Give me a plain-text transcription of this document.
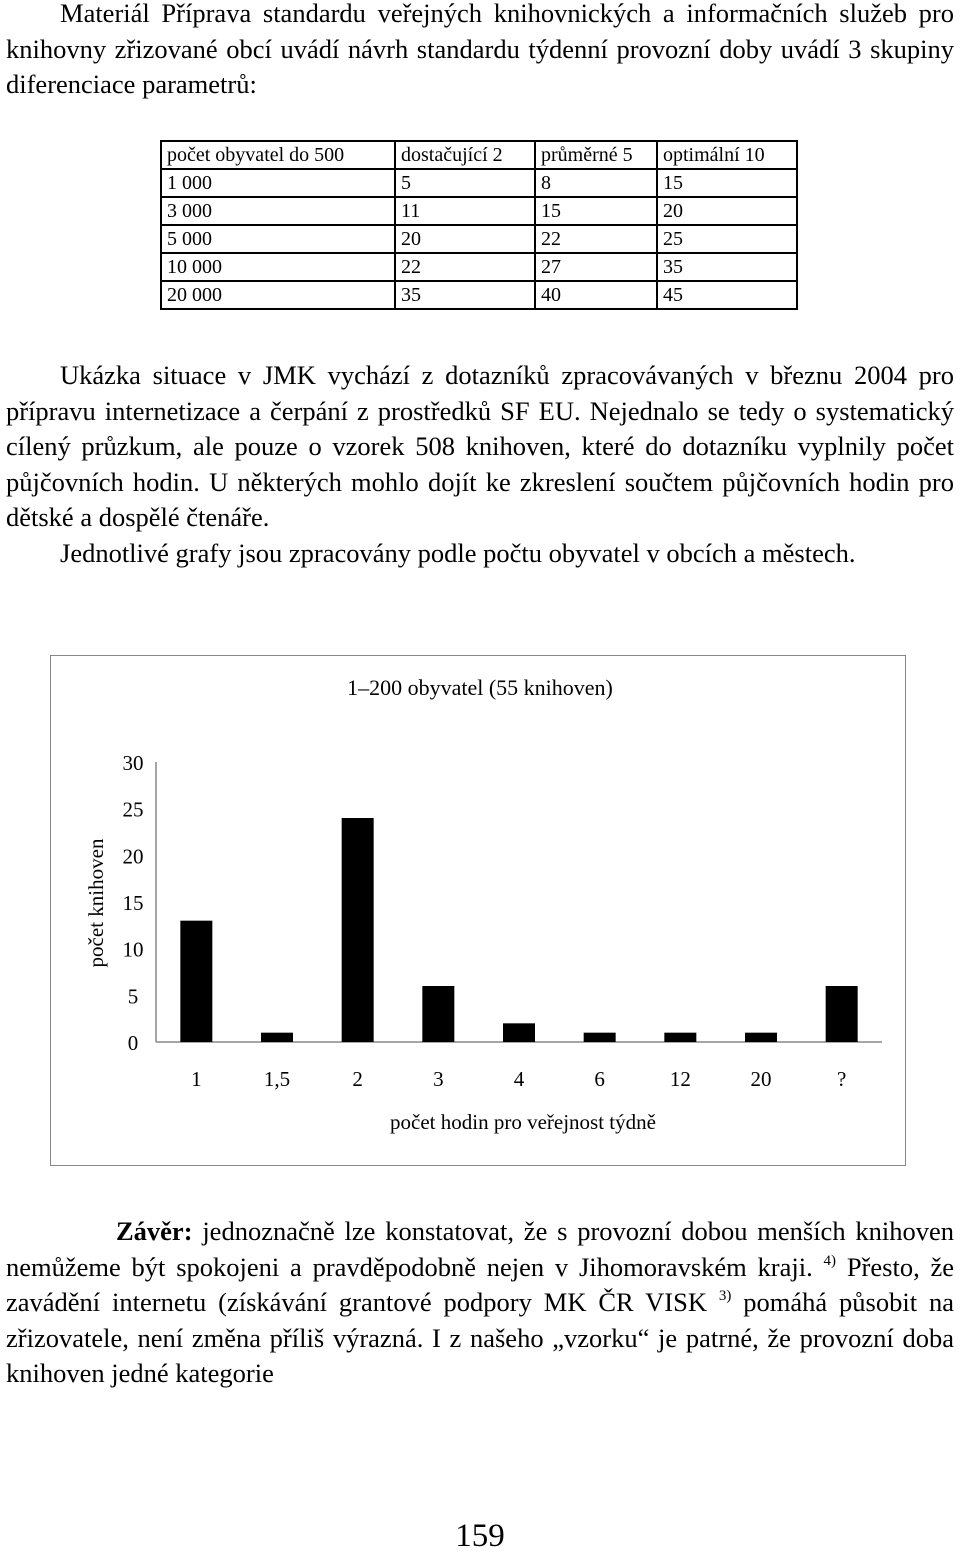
Materiál Příprava standardu veřejných knihovnických a informačních služeb pro knihovny zřizované obcí uvádí návrh standardu týdenní provozní doby uvádí 3 skupiny diferenciace parametrů:

počet obyvatel do 500	dostačující 2	průměrné 5	optimální 10
1 000	5	8	15
3 000	11	15	20
5 000	20	22	25
10 000	22	27	35
20 000	35	40	45

Ukázka situace v JMK vychází z dotazníků zpracovávaných v březnu 2004 pro přípravu internetizace a čerpání z prostředků SF EU. Nejednalo se tedy o systematický cílený průzkum, ale pouze o vzorek 508 knihoven, které do dotazníku vyplnily počet půjčovních hodin. U některých mohlo dojít ke zkreslení součtem půjčovních hodin pro dětské a dospělé čtenáře.

Jednotlivé grafy jsou zpracovány podle počtu obyvatel v obcích a městech.

1–200 obyvatel (55 knihoven)
0
5
10
15
20
25
30
1	1,5	2	3	4	6	12	20	?
počet hodin pro veřejnost týdně
počet knihoven

Závěr: jednoznačně lze konstatovat, že s provozní dobou menších knihoven nemůžeme být spokojeni a pravděpodobně nejen v Jihomoravském kraji. $^{4)}$ Přesto, že zavádění internetu (získávání grantové podpory MK ČR VISK $^{3)}$ pomáhá působit na zřizovatele, není změna příliš výrazná. I z našeho „vzorku“ je patrné, že provozní doba knihoven jedné kategorie

159
